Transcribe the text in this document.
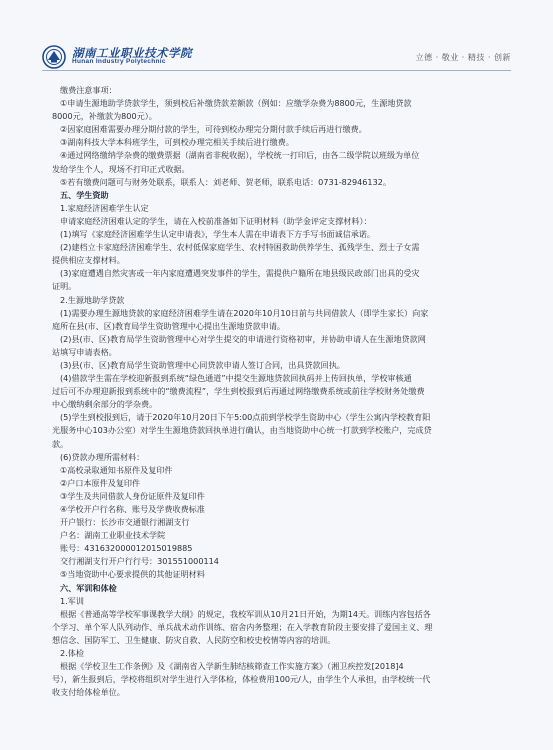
湖南工业职业技术学院
Hunan Industry Polytechnic	立德 · 敬业 · 精技 · 创新

缴费注意事项：

①申请生源地助学贷款学生，须到校后补缴贷款差额款（例如：应缴学杂费为8800元，生源地贷款

8000元，补缴款为800元）。

②因家庭困难需要办理分期付款的学生，可待到校办理完分期付款手续后再进行缴费。

③湖南科技大学本科班学生，可到校办理完相关手续后进行缴费。

④通过网络缴纳学杂费的缴费票据（湖南省非税收据），学校统一打印后，由各二级学院以班级为单位

发给学生个人，现场不打印正式收据。

⑤若有缴费问题可与财务处联系，联系人：刘老师、贺老师，联系电话：0731-82946132。

五、学生资助

1.家庭经济困难学生认定

申请家庭经济困难认定的学生，请在入校前准备如下证明材料（助学金评定支撑材料）：

(1)填写《家庭经济困难学生认定申请表》，学生本人需在申请表下方手写书面诚信承诺。

(2)建档立卡家庭经济困难学生、农村低保家庭学生、农村特困救助供养学生、孤残学生、烈士子女需

提供相应支撑材料。

(3)家庭遭遇自然灾害或一年内家庭遭遇突发事件的学生，需提供户籍所在地县级民政部门出具的受灾

证明。

2.生源地助学贷款

(1)需要办理生源地贷款的家庭经济困难学生请在2020年10月10日前与共同借款人（即学生家长）向家

庭所在县(市、区)教育局学生资助管理中心提出生源地贷款申请。

(2)县(市、区)教育局学生资助管理中心对学生提交的申请进行资格初审，并协助申请人在生源地贷款网

站填写申请表格。

(3)县(市、区)教育局学生资助管理中心同贷款申请人签订合同，出具贷款回执。

(4)借款学生需在学校迎新报到系统“绿色通道”中提交生源地贷款回执码并上传回执单，学校审核通

过后可不办理迎新报到系统中的“缴费流程”，学生到校报到后再通过网络缴费系统或前往学校财务处缴费

中心缴纳剩余部分的学杂费。

(5)学生到校报到后，请于2020年10月20日下午5:00点前到学校学生资助中心（学生公寓内学校教育阳

光服务中心103办公室）对学生生源地贷款回执单进行确认，由当地资助中心统一打款到学校账户，完成贷

款。

(6)贷款办理所需材料：

①高校录取通知书原件及复印件

②户口本原件及复印件

③学生及共同借款人身份证原件及复印件

④学校开户行名称、账号及学费收费标准

开户银行：长沙市交通银行湘湖支行

户名：湖南工业职业技术学院

账号：431632000012015019885

交行湘湖支行开户行行号：301551000114

⑤当地资助中心要求提供的其他证明材料

六、军训和体检

1.军训

根据《普通高等学校军事课教学大纲》的规定，我校军训从10月21日开始，为期14天。训练内容包括各

个学习、单个军人队列动作、单兵战术动作训练、宿舍内务整理；在入学教育阶段主要安排了爱国主义、理

想信念、国防军工、卫生健康、防灾自救、人民防空和校史校情等内容的培训。

2.体检

根据《学校卫生工作条例》及《湖南省入学新生肺结核筛查工作实施方案》（湘卫疾控发[2018]4

号），新生报到后，学校将组织对学生进行入学体检，体检费用100元/人，由学生个人承担，由学校统一代

收支付给体检单位。
